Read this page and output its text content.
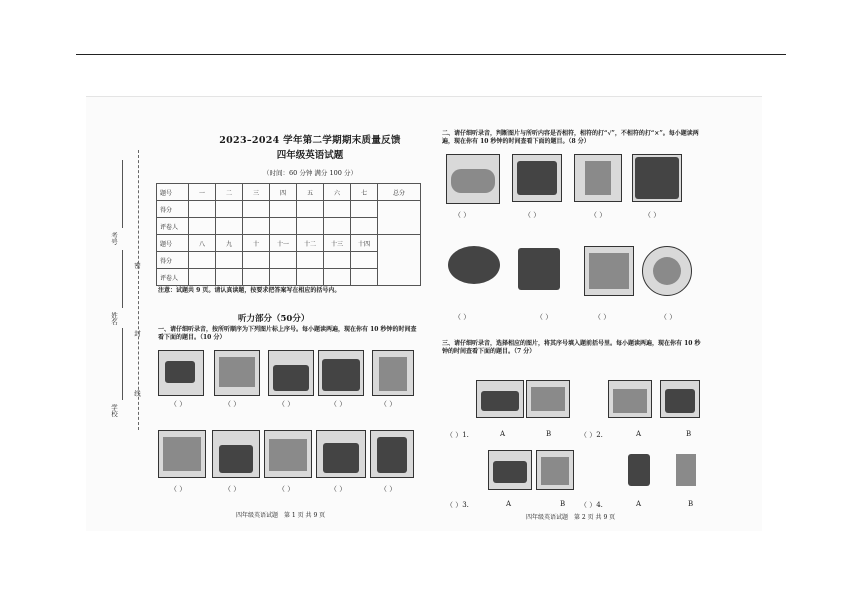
考号
姓名
学校
密
封
线
2023–2024 学年第二学期期末质量反馈
四年级英语试题
（时间：60 分钟 满分 100 分）
题号	一	二	三	四	五	六	七	总分
得分								
评卷人								
题号	八	九	十	十一	十二	十三	十四	
得分								
评卷人								
注意：试题共 9 页。请认真读题，按要求把答案写在相应的括号内。
听力部分（50分）
一、请仔细听录音，按所听顺序为下列图片标上序号。每小题读两遍，现在你有 10 秒钟的时间查看下面的题目。（10 分）
（ ）	（ ）	（ ）	（ ）	（ ）
（ ）	（ ）	（ ）	（ ）	（ ）
四年级英语试题　第 1 页 共 9 页
二、请仔细听录音，判断图片与所听内容是否相符，相符的打“√”，不相符的打“×”。每小题读两遍，现在你有 10 秒钟的时间查看下面的题目。（8 分）
（ ）	（ ）	（ ）	（ ）
（ ）	（ ）	（ ）	（ ）
三、请仔细听录音，选择相应的图片，将其序号填入题前括号里。每小题读两遍，现在你有 10 秒钟的时间查看下面的题目。（7 分）
（ ）1.	A	B	（ ）2.	A	B
（ ）3.	A	B （ ）4.	A	B
四年级英语试题　第 2 页 共 9 页
